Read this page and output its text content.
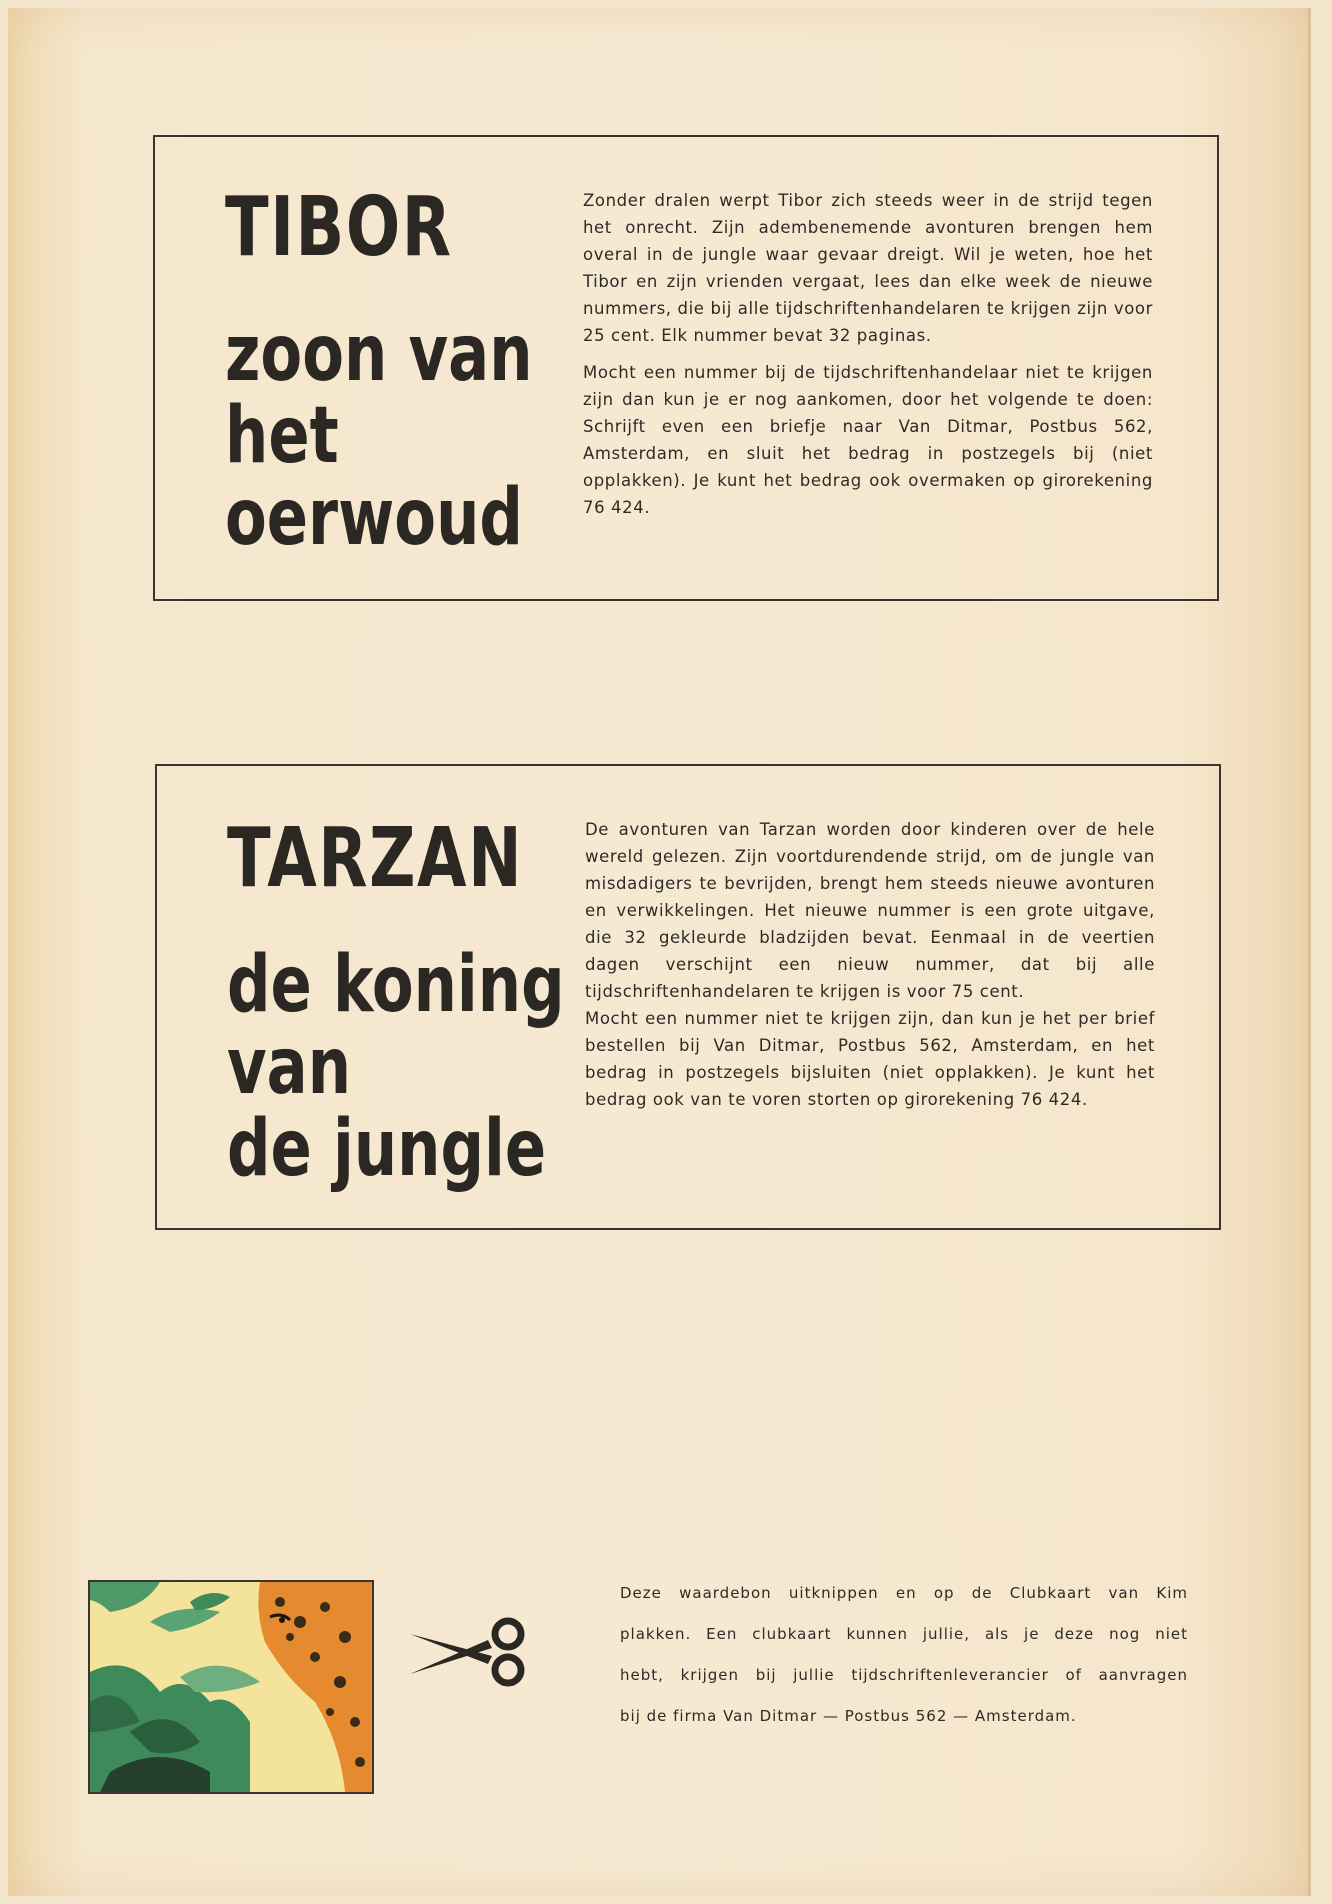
TIBOR
zoon van
het
oerwoud

Zonder dralen werpt Tibor zich steeds weer in de strijd tegen het onrecht. Zijn adembenemende avonturen brengen hem overal in de jungle waar gevaar dreigt. Wil je weten, hoe het Tibor en zijn vrienden vergaat, lees dan elke week de nieuwe nummers, die bij alle tijdschriftenhandelaren te krijgen zijn voor 25 cent. Elk nummer bevat 32 paginas.

Mocht een nummer bij de tijdschriftenhandelaar niet te krijgen zijn dan kun je er nog aankomen, door het volgende te doen: Schrijft even een briefje naar Van Ditmar, Postbus 562, Amsterdam, en sluit het bedrag in postzegels bij (niet opplakken). Je kunt het bedrag ook overmaken op girorekening 76 424.

TARZAN
de koning
van
de jungle

De avonturen van Tarzan worden door kinderen over de hele wereld gelezen. Zijn voortdurendende strijd, om de jungle van misdadigers te bevrijden, brengt hem steeds nieuwe avonturen en verwikkelingen. Het nieuwe nummer is een grote uitgave, die 32 gekleurde bladzijden bevat. Eenmaal in de veertien dagen verschijnt een nieuw nummer, dat bij alle tijdschriftenhandelaren te krijgen is voor 75 cent.

Mocht een nummer niet te krijgen zijn, dan kun je het per brief bestellen bij Van Ditmar, Postbus 562, Amsterdam, en het bedrag in postzegels bijsluiten (niet opplakken). Je kunt het bedrag ook van te voren storten op girorekening 76 424.

Deze waardebon uitknippen en op de Clubkaart van Kim
plakken. Een clubkaart kunnen jullie, als je deze nog niet
hebt, krijgen bij jullie tijdschriftenleverancier of aanvragen
bij de firma Van Ditmar — Postbus 562 — Amsterdam.
